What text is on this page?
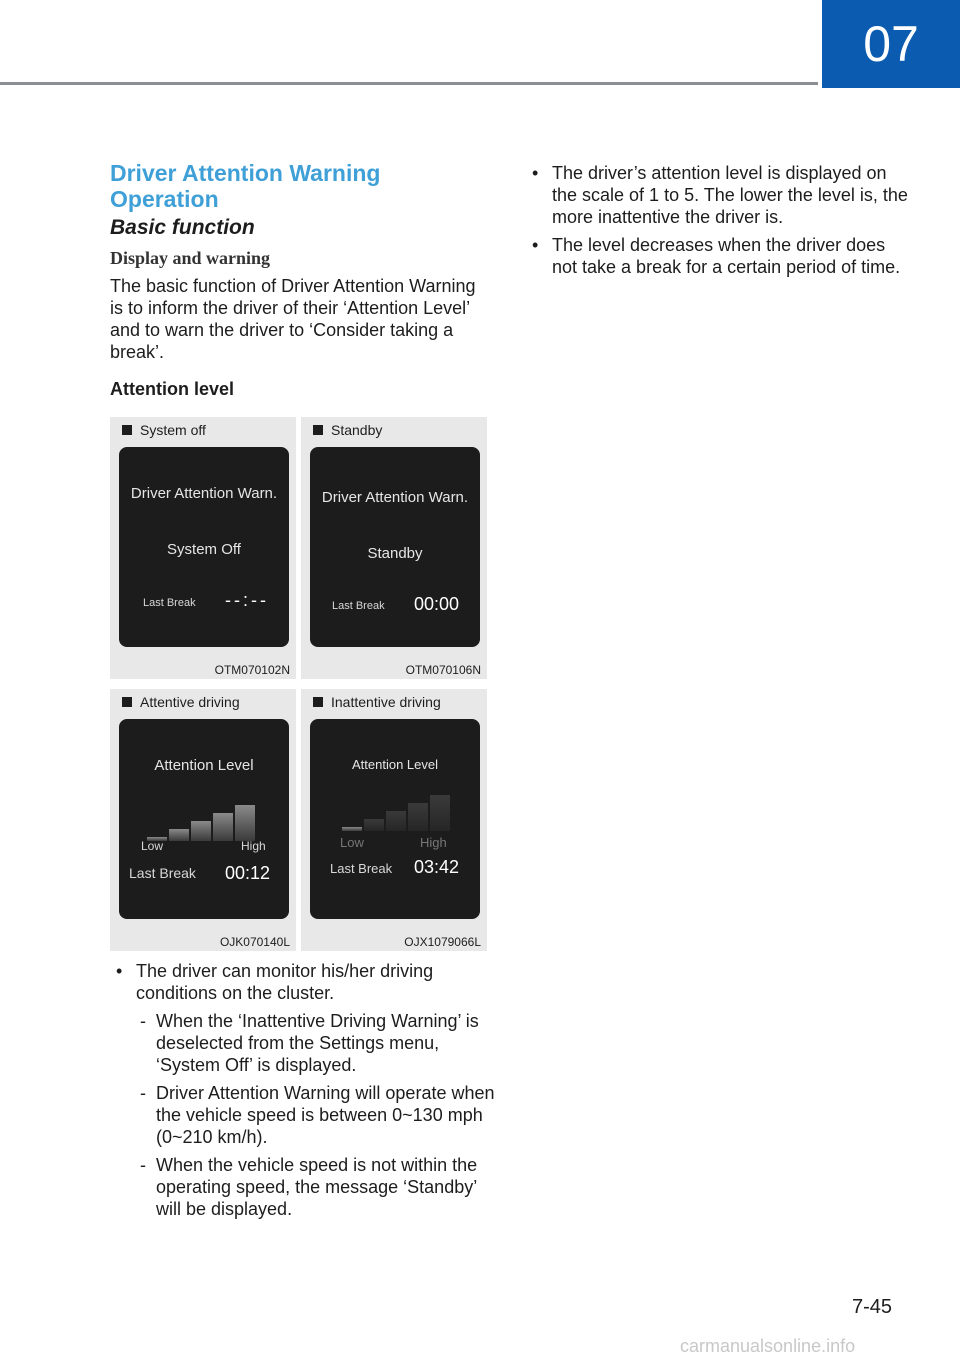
07
Driver Attention Warning Operation
Basic function
Display and warning

The basic function of Driver Attention Warning is to inform the driver of their ‘Attention Level’ and to warn the driver to ‘Consider taking a break’.

Attention level

System off
Driver Attention Warn.
System Off
Last Break --:--
OTM070102N
Standby
Driver Attention Warn.
Standby
Last Break 00:00
OTM070106N
Attentive driving
Attention Level
Low	High
Last Break 00:12
OJK070140L
Inattentive driving
Attention Level
Low	High
Last Break 03:42
OJX1079066L
• The driver can monitor his/her driving conditions on the cluster.
- When the ‘Inattentive Driving Warning’ is deselected from the Settings menu, ‘System Off’ is displayed.
- Driver Attention Warning will operate when the vehicle speed is between 0~130 mph (0~210 km/h).
- When the vehicle speed is not within the operating speed, the message ‘Standby’ will be displayed.
• The driver’s attention level is displayed on the scale of 1 to 5. The lower the level is, the more inattentive the driver is.
• The level decreases when the driver does not take a break for a certain period of time.
7-45
carmanualsonline.info
